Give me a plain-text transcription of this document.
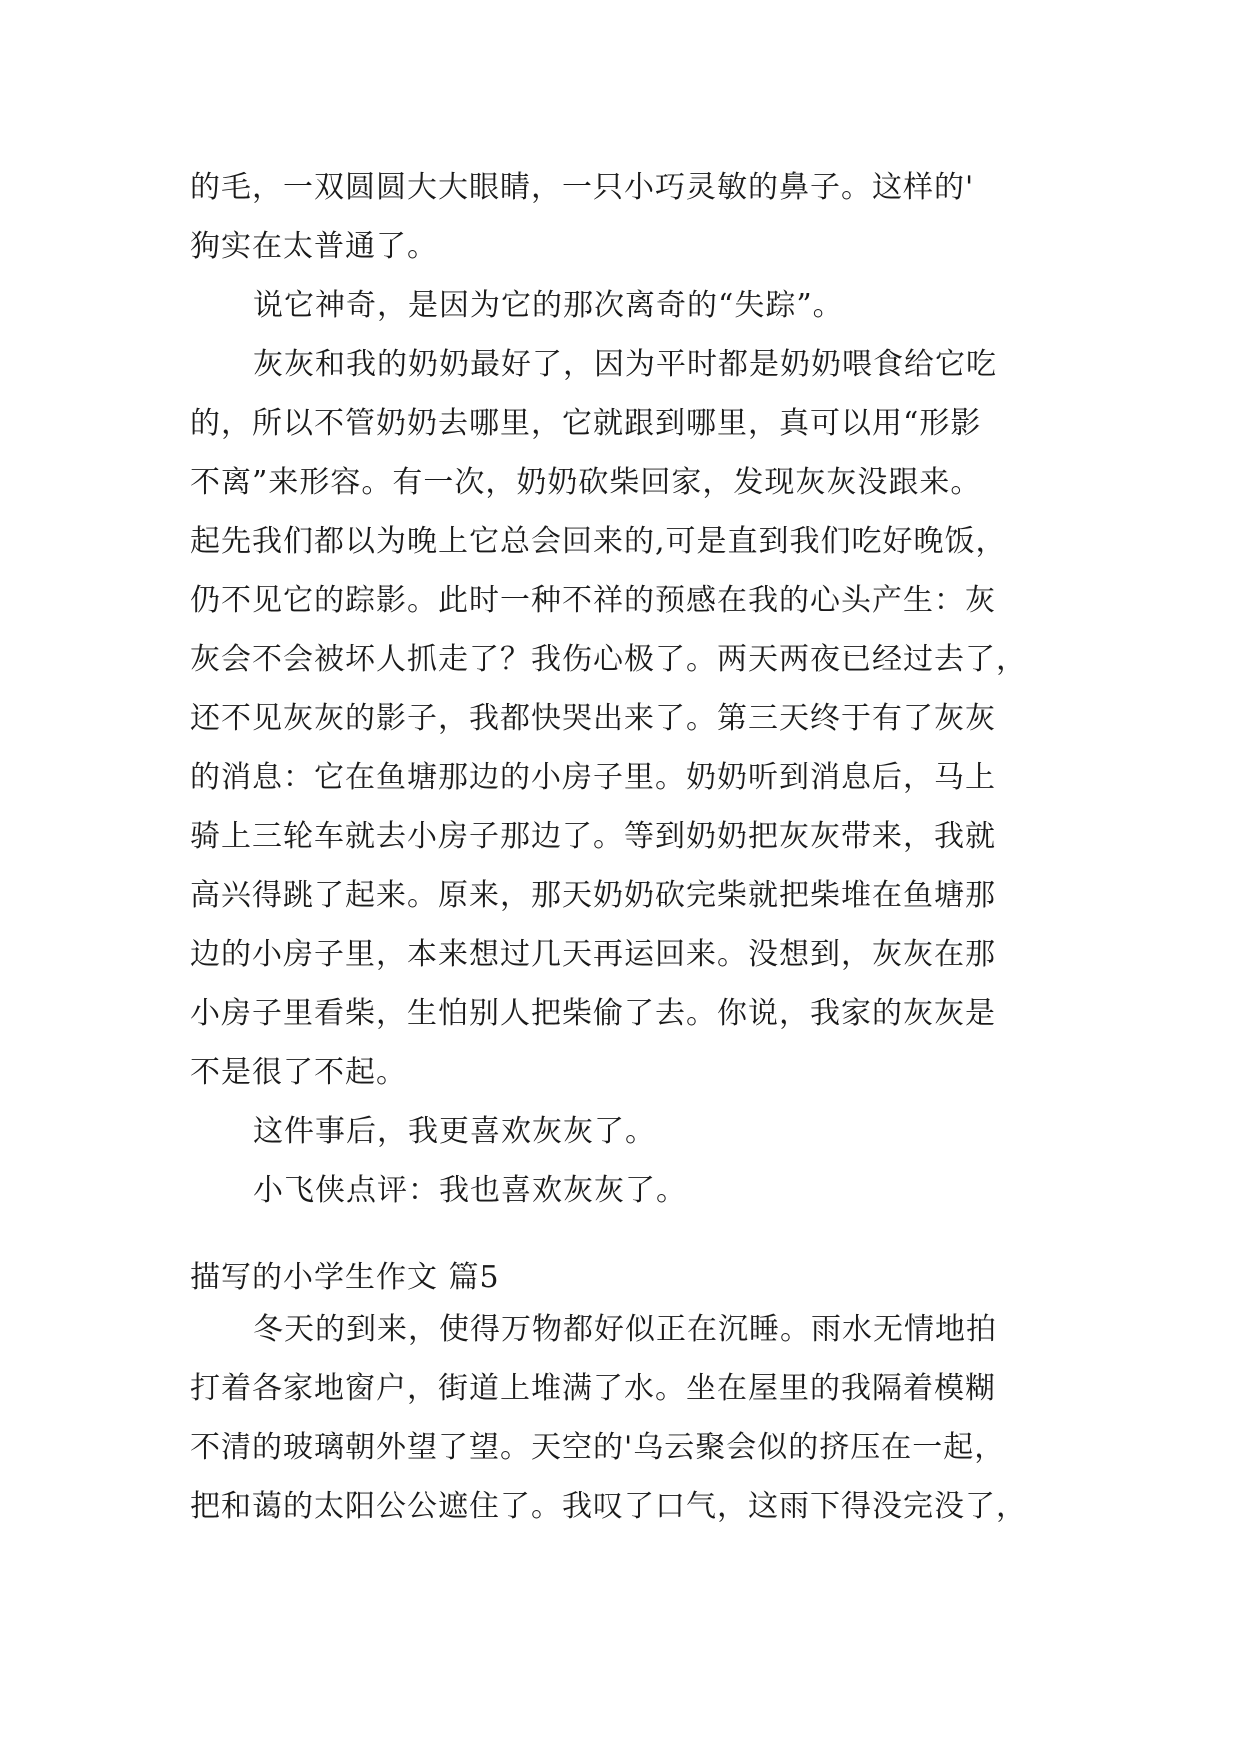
的毛，一双圆圆大大眼睛，一只小巧灵敏的鼻子。这样的'
狗实在太普通了。
说它神奇，是因为它的那次离奇的“失踪”。
灰灰和我的奶奶最好了，因为平时都是奶奶喂食给它吃
的，所以不管奶奶去哪里，它就跟到哪里，真可以用“形影
不离”来形容。有一次，奶奶砍柴回家，发现灰灰没跟来。
起先我们都以为晚上它总会回来的,可是直到我们吃好晚饭，
仍不见它的踪影。此时一种不祥的预感在我的心头产生：灰
灰会不会被坏人抓走了？我伤心极了。两天两夜已经过去了，
还不见灰灰的影子，我都快哭出来了。第三天终于有了灰灰
的消息：它在鱼塘那边的小房子里。奶奶听到消息后，马上
骑上三轮车就去小房子那边了。等到奶奶把灰灰带来，我就
高兴得跳了起来。原来，那天奶奶砍完柴就把柴堆在鱼塘那
边的小房子里，本来想过几天再运回来。没想到，灰灰在那
小房子里看柴，生怕别人把柴偷了去。你说，我家的灰灰是
不是很了不起。
这件事后，我更喜欢灰灰了。
小飞侠点评：我也喜欢灰灰了。
描写的小学生作文 篇5
冬天的到来，使得万物都好似正在沉睡。雨水无情地拍
打着各家地窗户，街道上堆满了水。坐在屋里的我隔着模糊
不清的玻璃朝外望了望。天空的'乌云聚会似的挤压在一起，
把和蔼的太阳公公遮住了。我叹了口气，这雨下得没完没了，
